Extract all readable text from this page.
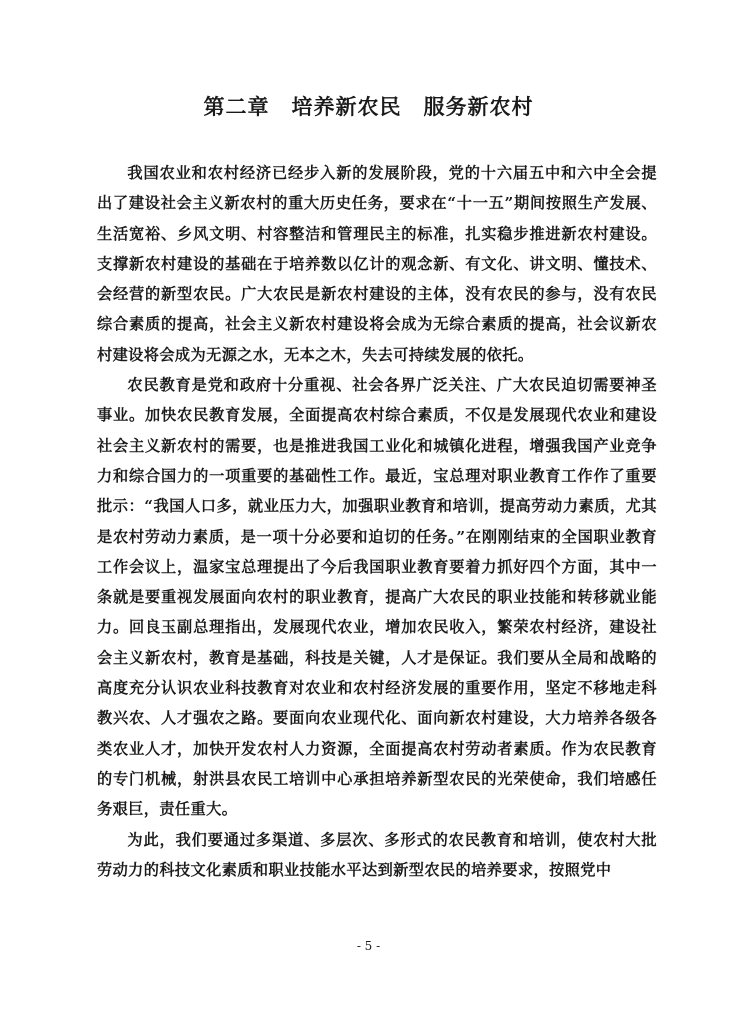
第二章　培养新农民　服务新农村

我国农业和农村经济已经步入新的发展阶段，党的十六届五中和六中全会提出了建设社会主义新农村的重大历史任务，要求在“十一五”期间按照生产发展、生活宽裕、乡风文明、村容整洁和管理民主的标准，扎实稳步推进新农村建设。支撑新农村建设的基础在于培养数以亿计的观念新、有文化、讲文明、懂技术、会经营的新型农民。广大农民是新农村建设的主体，没有农民的参与，没有农民综合素质的提高，社会主义新农村建设将会成为无综合素质的提高，社会议新农村建设将会成为无源之水，无本之木，失去可持续发展的依托。

农民教育是党和政府十分重视、社会各界广泛关注、广大农民迫切需要神圣事业。加快农民教育发展，全面提高农村综合素质，不仅是发展现代农业和建设社会主义新农村的需要，也是推进我国工业化和城镇化进程，增强我国产业竞争力和综合国力的一项重要的基础性工作。最近，宝总理对职业教育工作作了重要批示：“我国人口多，就业压力大，加强职业教育和培训，提高劳动力素质，尤其是农村劳动力素质，是一项十分必要和迫切的任务。”在刚刚结束的全国职业教育工作会议上，温家宝总理提出了今后我国职业教育要着力抓好四个方面，其中一条就是要重视发展面向农村的职业教育，提高广大农民的职业技能和转移就业能力。回良玉副总理指出，发展现代农业，增加农民收入，繁荣农村经济，建设社会主义新农村，教育是基础，科技是关键，人才是保证。我们要从全局和战略的高度充分认识农业科技教育对农业和农村经济发展的重要作用，坚定不移地走科教兴农、人才强农之路。要面向农业现代化、面向新农村建设，大力培养各级各类农业人才，加快开发农村人力资源，全面提高农村劳动者素质。作为农民教育的专门机械，射洪县农民工培训中心承担培养新型农民的光荣使命，我们培感任务艰巨，责任重大。

为此，我们要通过多渠道、多层次、多形式的农民教育和培训，使农村大批劳动力的科技文化素质和职业技能水平达到新型农民的培养要求，按照党中

- 5 -
